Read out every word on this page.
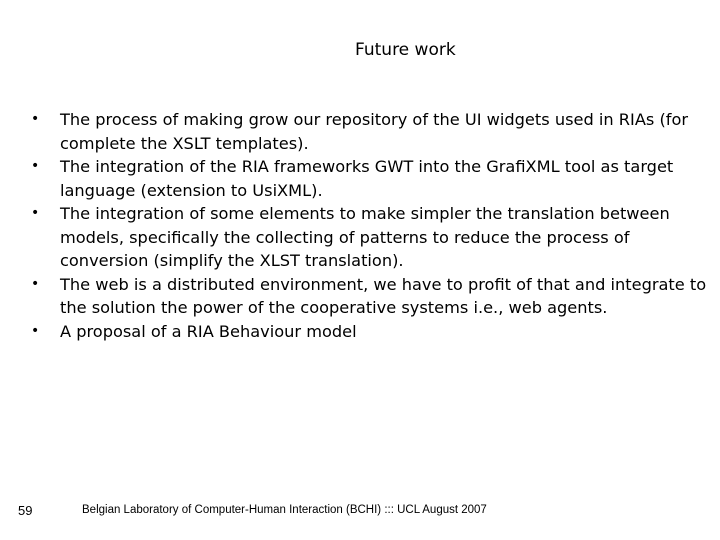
Future work
•	The process of making grow our repository of the UI widgets used in RIAs (for complete the XSLT templates).
•	The integration of the RIA frameworks GWT into the GrafiXML tool as target language (extension to UsiXML).
•	The integration of some elements to make simpler the translation between models, specifically the collecting of patterns to reduce the process of conversion (simplify the XLST translation).
•	The web is a distributed environment, we have to profit of that and integrate to the solution the power of the cooperative systems i.e., web agents.
•	A proposal of a RIA Behaviour model
59	Belgian Laboratory of Computer-Human Interaction (BCHI) ::: UCL August 2007
